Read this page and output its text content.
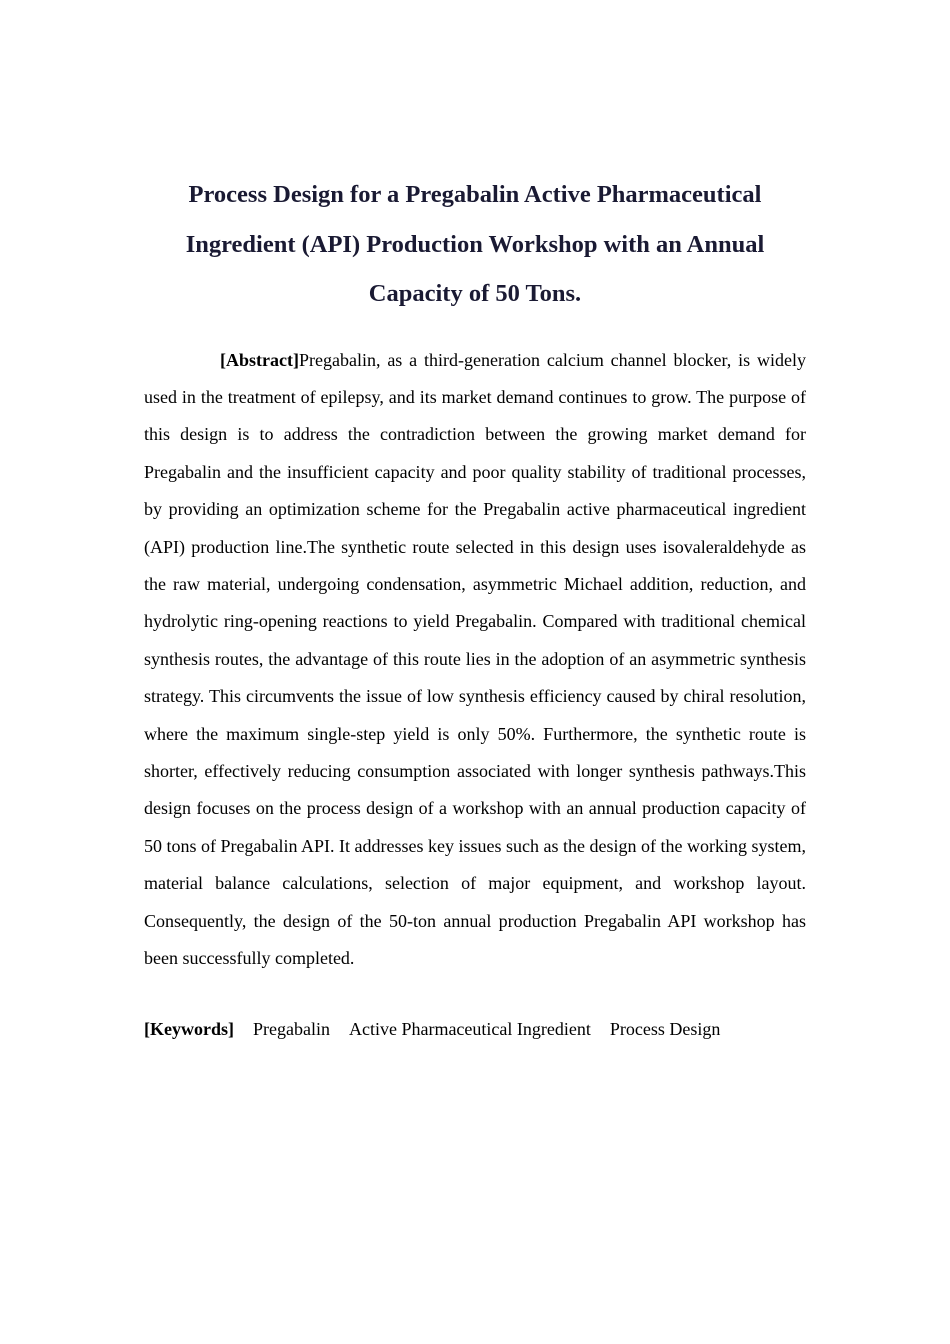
Process Design for a Pregabalin Active Pharmaceutical Ingredient (API) Production Workshop with an Annual Capacity of 50 Tons.

[Abstract]Pregabalin, as a third-generation calcium channel blocker, is widely used in the treatment of epilepsy, and its market demand continues to grow. The purpose of this design is to address the contradiction between the growing market demand for Pregabalin and the insufficient capacity and poor quality stability of traditional processes, by providing an optimization scheme for the Pregabalin active pharmaceutical ingredient (API) production line.The synthetic route selected in this design uses isovaleraldehyde as the raw material, undergoing condensation, asymmetric Michael addition, reduction, and hydrolytic ring-opening reactions to yield Pregabalin. Compared with traditional chemical synthesis routes, the advantage of this route lies in the adoption of an asymmetric synthesis strategy. This circumvents the issue of low synthesis efficiency caused by chiral resolution, where the maximum single-step yield is only 50%. Furthermore, the synthetic route is shorter, effectively reducing consumption associated with longer synthesis pathways.This design focuses on the process design of a workshop with an annual production capacity of 50 tons of Pregabalin API. It addresses key issues such as the design of the working system, material balance calculations, selection of major equipment, and workshop layout. Consequently, the design of the 50-ton annual production Pregabalin API workshop has been successfully completed.

[Keywords] Pregabalin Active Pharmaceutical Ingredient Process Design
